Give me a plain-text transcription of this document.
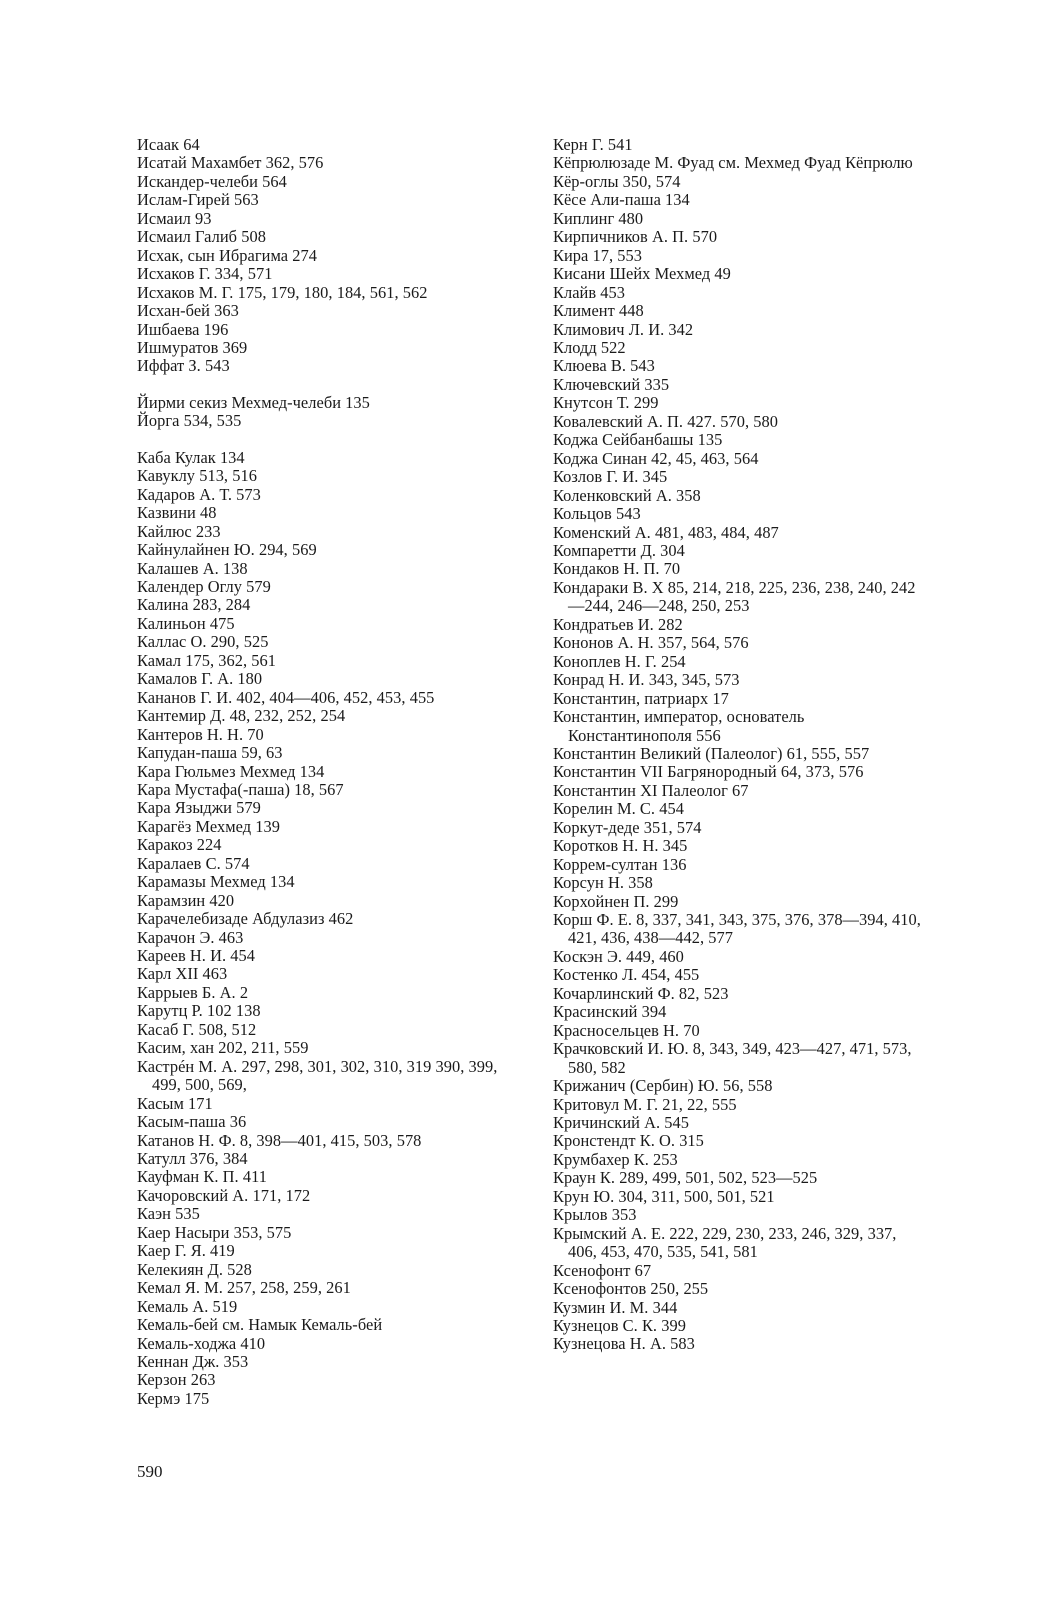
Исаак 64
Исатай Махамбет 362, 576
Искандер-челеби 564
Ислам-Гирей 563
Исмаил 93
Исмаил Галиб 508
Исхак, сын Ибрагима 274
Исхаков Г. 334, 571
Исхаков М. Г. 175, 179, 180, 184, 561, 562
Исхан-бей 363
Ишбаева 196
Ишмуратов 369
Иффат З. 543
Йирми секиз Мехмед-челеби 135
Йорга 534, 535
Каба Кулак 134
Кавуклу 513, 516
Кадаров А. Т. 573
Казвини 48
Кайлюс 233
Кайнулайнен Ю. 294, 569
Калашев А. 138
Календер Оглу 579
Калина 283, 284
Калиньон 475
Каллас О. 290, 525
Камал 175, 362, 561
Камалов Г. А. 180
Кананов Г. И. 402, 404—406, 452, 453, 455
Кантемир Д. 48, 232, 252, 254
Кантеров Н. Н. 70
Капудан-паша 59, 63
Кара Гюльмез Мехмед 134
Кара Мустафа(-паша) 18, 567
Кара Языджи 579
Карагёз Мехмед 139
Каракоз 224
Каралаев С. 574
Карамазы Мехмед 134
Карамзин 420
Карачелебизаде Абдулазиз 462
Карачон Э. 463
Кареев Н. И. 454
Карл XII 463
Каррыев Б. А. 2
Карутц Р. 102 138
Касаб Г. 508, 512
Касим, хан 202, 211, 559
Кастрéн М. А. 297, 298, 301, 302, 310, 319 390, 399, 499, 500, 569,
Касым 171
Касым-паша 36
Катанов Н. Ф. 8, 398—401, 415, 503, 578
Катулл 376, 384
Кауфман К. П. 411
Качоровский А. 171, 172
Каэн 535
Каер Насыри 353, 575
Каер Г. Я. 419
Келекиян Д. 528
Кемал Я. М. 257, 258, 259, 261
Кемаль А. 519
Кемаль-бей см. Намык Кемаль-бей
Кемаль-ходжа 410
Кеннан Дж. 353
Керзон 263
Кермэ 175
Керн Г. 541
Кёпрюлюзаде М. Фуад см. Мехмед Фуад Кёпрюлю
Кёр-оглы 350, 574
Кёсе Али-паша 134
Киплинг 480
Кирпичников А. П. 570
Кира 17, 553
Кисани Шейх Мехмед 49
Клайв 453
Климент 448
Климович Л. И. 342
Клодд 522
Клюева В. 543
Ключевский 335
Кнутсон Т. 299
Ковалевский А. П. 427. 570, 580
Коджа Сейбанбашы 135
Коджа Синан 42, 45, 463, 564
Козлов Г. И. 345
Коленковский А. 358
Кольцов 543
Коменский А. 481, 483, 484, 487
Компаретти Д. 304
Кондаков Н. П. 70
Кондараки В. Х 85, 214, 218, 225, 236, 238, 240, 242—244, 246—248, 250, 253
Кондратьев И. 282
Кононов А. Н. 357, 564, 576
Коноплев Н. Г. 254
Конрад Н. И. 343, 345, 573
Константин, патриарх 17
Константин, император, основатель Константинополя 556
Константин Великий (Палеолог) 61, 555, 557
Константин VII Багрянородный 64, 373, 576
Константин XI Палеолог 67
Корелин М. С. 454
Коркут-деде 351, 574
Коротков Н. Н. 345
Коррем-султан 136
Корсун Н. 358
Корхойнен П. 299
Корш Ф. Е. 8, 337, 341, 343, 375, 376, 378—394, 410, 421, 436, 438—442, 577
Коскэн Э. 449, 460
Костенко Л. 454, 455
Кочарлинский Ф. 82, 523
Красинский 394
Красносельцев Н. 70
Крачковский И. Ю. 8, 343, 349, 423—427, 471, 573, 580, 582
Крижанич (Сербин) Ю. 56, 558
Критовул М. Г. 21, 22, 555
Кричинский А. 545
Кронстендт К. О. 315
Крумбахер К. 253
Краун К. 289, 499, 501, 502, 523—525
Крун Ю. 304, 311, 500, 501, 521
Крылов 353
Крымский А. Е. 222, 229, 230, 233, 246, 329, 337, 406, 453, 470, 535, 541, 581
Ксенофонт 67
Ксенофонтов 250, 255
Кузмин И. М. 344
Кузнецов С. К. 399
Кузнецова Н. А. 583
590
